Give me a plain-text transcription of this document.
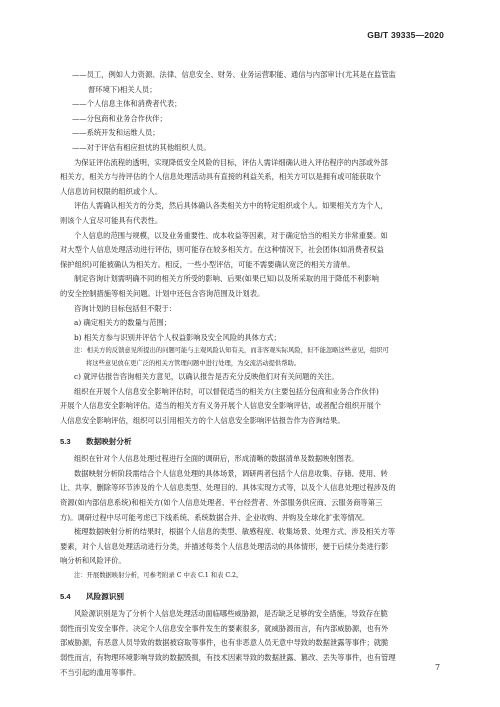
GB/T 39335—2020

——员工，例如人力资源、法律、信息安全、财务、业务运营职能、通信与内部审计(尤其是在监管监

督环境下)相关人员；

——个人信息主体和消费者代表；

——分包商和业务合作伙伴；

——系统开发和运维人员；

——对于评估有相应担忧的其他组织人员。

为保证评估流程的透明，实现降低安全风险的目标，评估人需详细确认进入评估程序的内部或外部

相关方，相关方与待评估的个人信息处理活动具有直接的利益关系，相关方可以是拥有或可能获取个

人信息访问权限的组织或个人。

评估人需确认相关方的分类，然后具体确认各类相关方中的特定组织或个人。如果相关方为个人，

则该个人宜尽可能具有代表性。

个人信息的范围与规模，以及业务重要性、成本收益等因素，对于确定恰当的相关方非常重要。如

对大型个人信息处理活动进行评估，则可能存在较多相关方。在这种情况下，社会团体(如消费者权益

保护组织)可能被确认为相关方。相反，一些小型评估，可能不需要确认宽泛的相关方清单。

制定咨询计划需明确不同的相关方所受的影响、后果(如果已知)以及所采取的用于降低不利影响

的安全控制措施等相关问题。计划中还包含咨询范围及计划表。

咨询计划的目标包括但不限于：

a) 确定相关方的数量与范围；

b) 相关方参与识别并评估个人权益影响及安全风险的具体方式；

注：相关方的反馈意见所提出的问题可能与主观风险认知有关，而非客观实际风险，但不能忽略这些意见，组织可

将这些意见放在更广泛的相关方管理问题中进行处理，为交流活动提供帮助。

c) 就评估报告咨询相关方意见，以确认报告是否充分反映他们对有关问题的关注。

组织在开展个人信息安全影响评估时，可以督促适当的相关方(主要包括分包商和业务合作伙伴)

开展个人信息安全影响评估。适当的相关方有义务开展个人信息安全影响评估，或者配合组织开展个

人信息安全影响评估，组织可以引用相关方的个人信息安全影响评估报告作为咨询结果。

5.3 数据映射分析

组织在针对个人信息处理过程进行全面的调研后，形成清晰的数据清单及数据映射图表。

数据映射分析阶段需结合个人信息处理的具体场景，调研两者包括个人信息收集、存储、使用、转

让、共享、删除等环节涉及的个人信息类型、处理目的、具体实现方式等，以及个人信息处理过程涉及的

资源(如内部信息系统)和相关方(如个人信息处理者、平台经营者、外部服务供应商、云服务商等第三

方)。调研过程中尽可能考虑已下线系统、系统数据合并、企业收购、并购及全球化扩张等情况。

梳理数据映射分析的结果时，根据个人信息的类型、敏感程度、收集场景、处理方式、涉及相关方等

要素，对个人信息处理活动进行分类，并描述每类个人信息处理活动的具体情形，便于后续分类进行影

响分析和风险评价。

注：开展数据映射分析，可参考附录 C 中表 C.1 和表 C.2。

5.4 风险源识别

风险源识别是为了分析个人信息处理活动面临哪些威胁源，是否缺乏足够的安全措施，导致存在脆

弱性而引发安全事件。决定个人信息安全事件发生的要素很多，就威胁源而言，有内部威胁源，也有外

部威胁源，有恶意人员导致的数据被窃取等事件，也有非恶意人员无意中导致的数据泄露等事件；就脆

弱性而言，有物理环境影响导致的数据毁损，有技术因素导致的数据泄露、篡改、丢失等事件，也有管理

不当引起的滥用等事件。

7
